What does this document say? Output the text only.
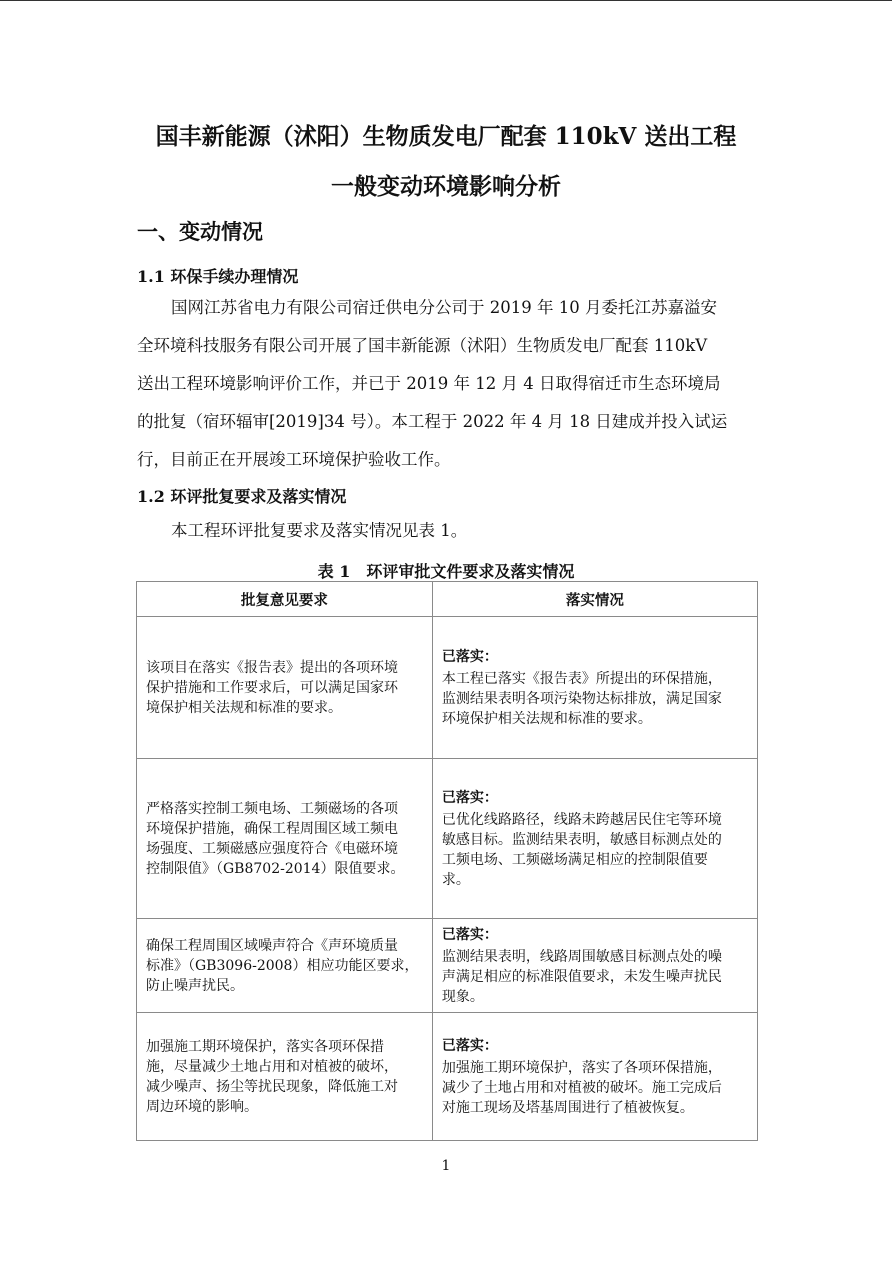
国丰新能源（沭阳）生物质发电厂配套 110kV 送出工程
一般变动环境影响分析
一、变动情况
1.1 环保手续办理情况
国网江苏省电力有限公司宿迁供电分公司于 2019 年 10 月委托江苏嘉溢安
全环境科技服务有限公司开展了国丰新能源（沭阳）生物质发电厂配套 110kV
送出工程环境影响评价工作，并已于 2019 年 12 月 4 日取得宿迁市生态环境局
的批复（宿环辐审[2019]34 号）。本工程于 2022 年 4 月 18 日建成并投入试运
行，目前正在开展竣工环境保护验收工作。
1.2 环评批复要求及落实情况
本工程环评批复要求及落实情况见表 1。
表 1　环评审批文件要求及落实情况
批复意见要求	落实情况

该项目在落实《报告表》提出的各项环境
保护措施和工作要求后，可以满足国家环
境保护相关法规和标准的要求。	已落实：
本工程已落实《报告表》所提出的环保措施，
监测结果表明各项污染物达标排放，满足国家
环境保护相关法规和标准的要求。

严格落实控制工频电场、工频磁场的各项
环境保护措施，确保工程周围区域工频电
场强度、工频磁感应强度符合《电磁环境
控制限值》（GB8702-2014）限值要求。	已落实：
已优化线路路径，线路未跨越居民住宅等环境
敏感目标。监测结果表明，敏感目标测点处的
工频电场、工频磁场满足相应的控制限值要
求。

确保工程周围区域噪声符合《声环境质量
标准》（GB3096-2008）相应功能区要求，
防止噪声扰民。	已落实：
监测结果表明，线路周围敏感目标测点处的噪
声满足相应的标准限值要求，未发生噪声扰民
现象。

加强施工期环境保护，落实各项环保措
施，尽量减少土地占用和对植被的破坏，
减少噪声、扬尘等扰民现象，降低施工对
周边环境的影响。	已落实：
加强施工期环境保护，落实了各项环保措施，
减少了土地占用和对植被的破坏。施工完成后
对施工现场及塔基周围进行了植被恢复。
1
